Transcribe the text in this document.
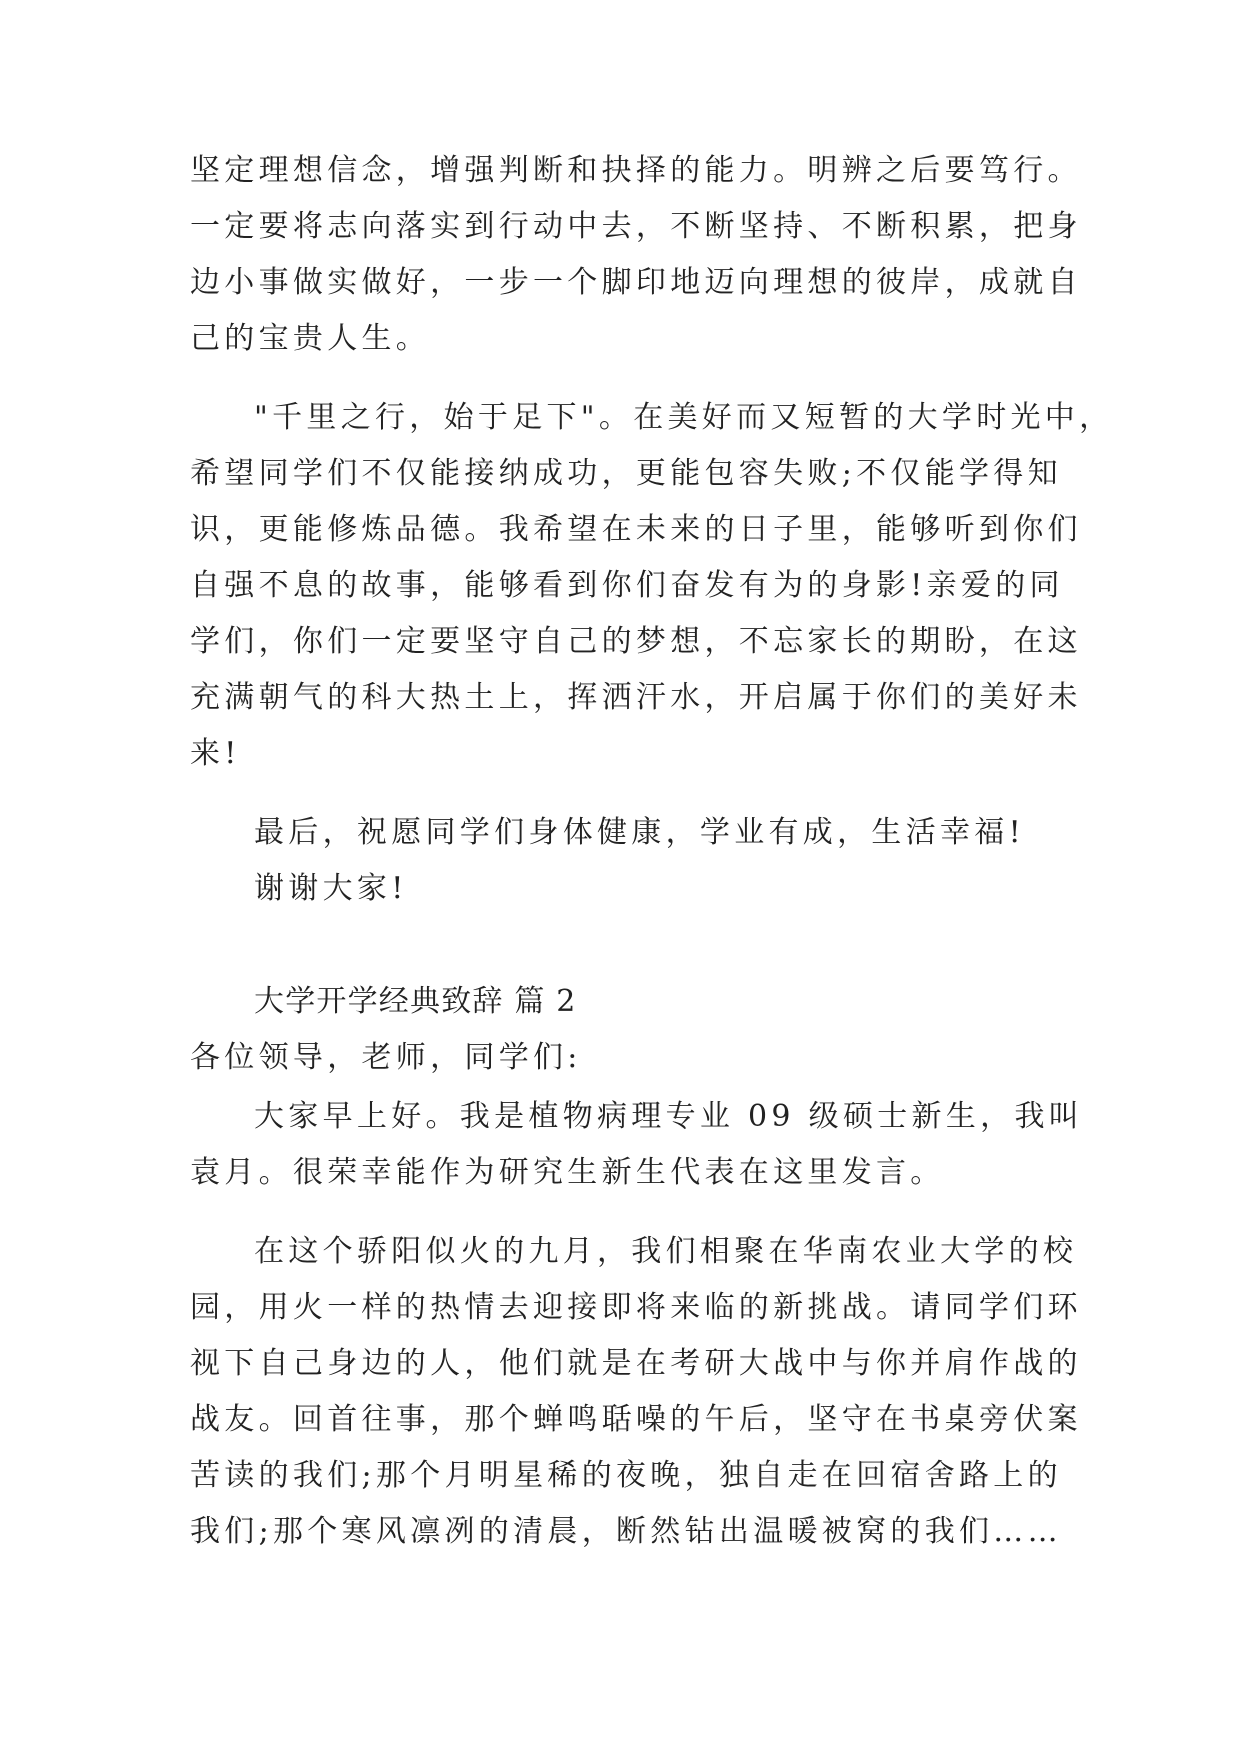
坚定理想信念，增强判断和抉择的能力。明辨之后要笃行。
一定要将志向落实到行动中去，不断坚持、不断积累，把身
边小事做实做好，一步一个脚印地迈向理想的彼岸，成就自
己的宝贵人生。
"千里之行，始于足下"。在美好而又短暂的大学时光中，
希望同学们不仅能接纳成功，更能包容失败;不仅能学得知
识，更能修炼品德。我希望在未来的日子里，能够听到你们
自强不息的故事，能够看到你们奋发有为的身影!亲爱的同
学们，你们一定要坚守自己的梦想，不忘家长的期盼，在这
充满朝气的科大热土上，挥洒汗水，开启属于你们的美好未
来!
最后，祝愿同学们身体健康，学业有成，生活幸福!
谢谢大家!
大学开学经典致辞 篇 2
各位领导，老师，同学们:
大家早上好。我是植物病理专业 09 级硕士新生，我叫
袁月。很荣幸能作为研究生新生代表在这里发言。
在这个骄阳似火的九月，我们相聚在华南农业大学的校
园，用火一样的热情去迎接即将来临的新挑战。请同学们环
视下自己身边的人，他们就是在考研大战中与你并肩作战的
战友。回首往事，那个蝉鸣聒噪的午后，坚守在书桌旁伏案
苦读的我们;那个月明星稀的夜晚，独自走在回宿舍路上的
我们;那个寒风凛冽的清晨，断然钻出温暖被窝的我们……
